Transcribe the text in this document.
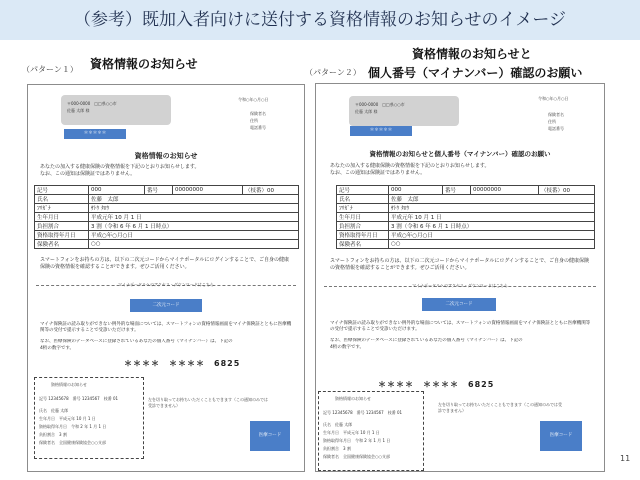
（参考）既加入者向けに送付する資格情報のお知らせのイメージ
（パターン１） 資格情報のお知らせ
〒000-0000　□□県○○市
佐藤 太郎 様
＊＊＊＊＊
令和○年○月○日
保険者名
住所
電話番号
資格情報のお知らせ
あなたの加入する健康保険の資格情報を下記のとおりお知らせします。
なお、この通知は保険証ではありません。
記号	000	番号	00000000	（枝番）00
氏名	佐藤　太郎			
ﾌﾘｶﾞﾅ	ｻﾄｳ ﾀﾛｳ			
生年月日	平成元年 10 月 1 日			
負担割合	3 割（令和 6 年 6 月 1 日時点）			
資格取得年月日	平成○年○月○日			
保険者名	○○			
スマートフォンをお持ちの方は、以下の二次元コードからマイナポータルにログインすることで、ご自身の健康保険の資格情報を確認することができます。ぜひご活用ください。
マイナポータルへのアクセス・ダウンロードはこちら
二次元コード
マイナ保険証の読み取りができない例外的な場面については、スマートフォンの資格情報画面をマイナ保険証とともに医療機関等の受付で提示することで受診いただけます。
なお、医療保険のデータベースに登録されているあなたの個人番号（マイナンバー）は、下記の
4桁の数字です。
＊＊＊＊　＊＊＊＊　6825
資格情報のお知らせ
記号 12345678　番号 1234567　枝番 01
氏名　佐藤 太郎
生年月日　平成元年 10 月 1 日
資格取得年月日　令和 2 年 1 月 1 日
負担割合　3 割
保険者名　全国健康保険協会○○支部
左を切り取ってお持ちいただくこともできます（この通知のみでは受診できません）
医療コード
（パターン２）
資格情報のお知らせと
個人番号（マイナンバー）確認のお願い
〒000-0000　□□県○○市
佐藤 太郎 様
＊＊＊＊＊
令和○年○月○日
保険者名
住所
電話番号
資格情報のお知らせと個人番号（マイナンバー）確認のお願い
あなたの加入する健康保険の資格情報を下記のとおりお知らせします。
なお、この通知は保険証ではありません。
記号	000	番号	00000000	（枝番）00
氏名	佐藤　太郎			
ﾌﾘｶﾞﾅ	ｻﾄｳ ﾀﾛｳ			
生年月日	平成元年 10 月 1 日			
負担割合	3 割（令和 6 年 6 月 1 日時点）			
資格取得年月日	平成○年○月○日			
保険者名	○○			
スマートフォンをお持ちの方は、以下の二次元コードからマイナポータルにログインすることで、ご自身の健康保険の資格情報を確認することができます。ぜひご活用ください。
マイナポータルへのアクセス・ダウンロードはこちら
二次元コード
マイナ保険証の読み取りができない例外的な場面については、スマートフォンの資格情報画面をマイナ保険証とともに医療機関等の受付で提示することで受診いただけます。
なお、医療保険のデータベースに登録されているあなたの個人番号（マイナンバー）は、下記の
4桁の数字です。
＊＊＊＊　＊＊＊＊　6825
資格情報のお知らせ
記号 12345678　番号 1234567　枝番 01
氏名　佐藤 太郎
生年月日　平成元年 10 月 1 日
資格取得年月日　令和 2 年 1 月 1 日
負担割合　3 割
保険者名　全国健康保険協会○○支部
左を切り取ってお持ちいただくこともできます（この通知のみでは受診できません）
医療コード
11
